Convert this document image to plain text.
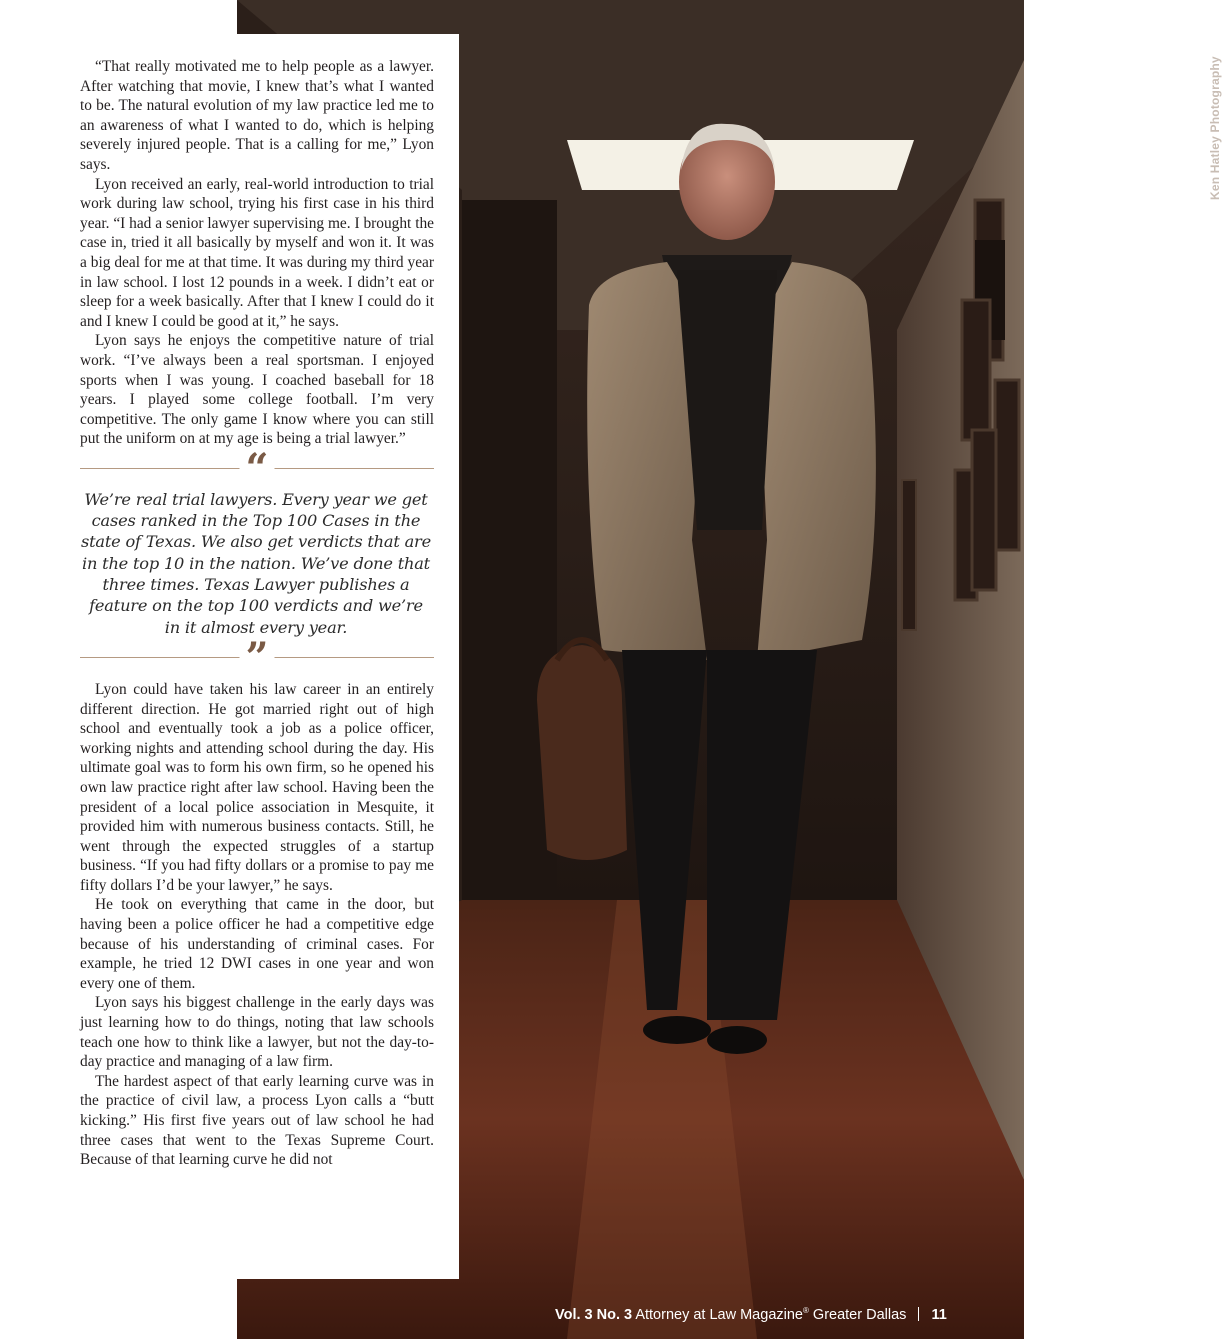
Ken Hatley Photography

“That really motivated me to help people as a lawyer. After watching that movie, I knew that’s what I wanted to be. The natural evolution of my law practice led me to an awareness of what I wanted to do, which is helping severely injured people. That is a calling for me,” Lyon says.

Lyon received an early, real-world introduction to trial work during law school, trying his first case in his third year. “I had a senior lawyer supervising me. I brought the case in, tried it all basically by myself and won it. It was a big deal for me at that time. It was during my third year in law school. I lost 12 pounds in a week. I didn’t eat or sleep for a week basically. After that I knew I could do it and I knew I could be good at it,” he says.

Lyon says he enjoys the competitive nature of trial work. “I’ve always been a real sportsman. I enjoyed sports when I was young. I coached baseball for 18 years. I played some college football. I’m very competitive. The only game I know where you can still put the uniform on at my age is being a trial lawyer.”

“

We’re real trial lawyers. Every year we get cases ranked in the Top 100 Cases in the state of Texas. We also get verdicts that are in the top 10 in the nation. We’ve done that three times. Texas Lawyer publishes a feature on the top 100 verdicts and we’re in it almost every year.

”

Lyon could have taken his law career in an entirely different direction. He got married right out of high school and eventually took a job as a police officer, working nights and attending school during the day. His ultimate goal was to form his own firm, so he opened his own law practice right after law school. Having been the president of a local police association in Mesquite, it provided him with numerous business contacts. Still, he went through the expected struggles of a startup business. “If you had fifty dollars or a promise to pay me fifty dollars I’d be your lawyer,” he says.

He took on everything that came in the door, but having been a police officer he had a competitive edge because of his understanding of criminal cases. For example, he tried 12 DWI cases in one year and won every one of them.

Lyon says his biggest challenge in the early days was just learning how to do things, noting that law schools teach one how to think like a lawyer, but not the day-to-day practice and managing of a law firm.

The hardest aspect of that early learning curve was in the practice of civil law, a process Lyon calls a “butt kicking.” His first five years out of law school he had three cases that went to the Texas Supreme Court. Because of that learning curve he did not

Vol. 3 No. 3 Attorney at Law Magazine® Greater Dallas 11
